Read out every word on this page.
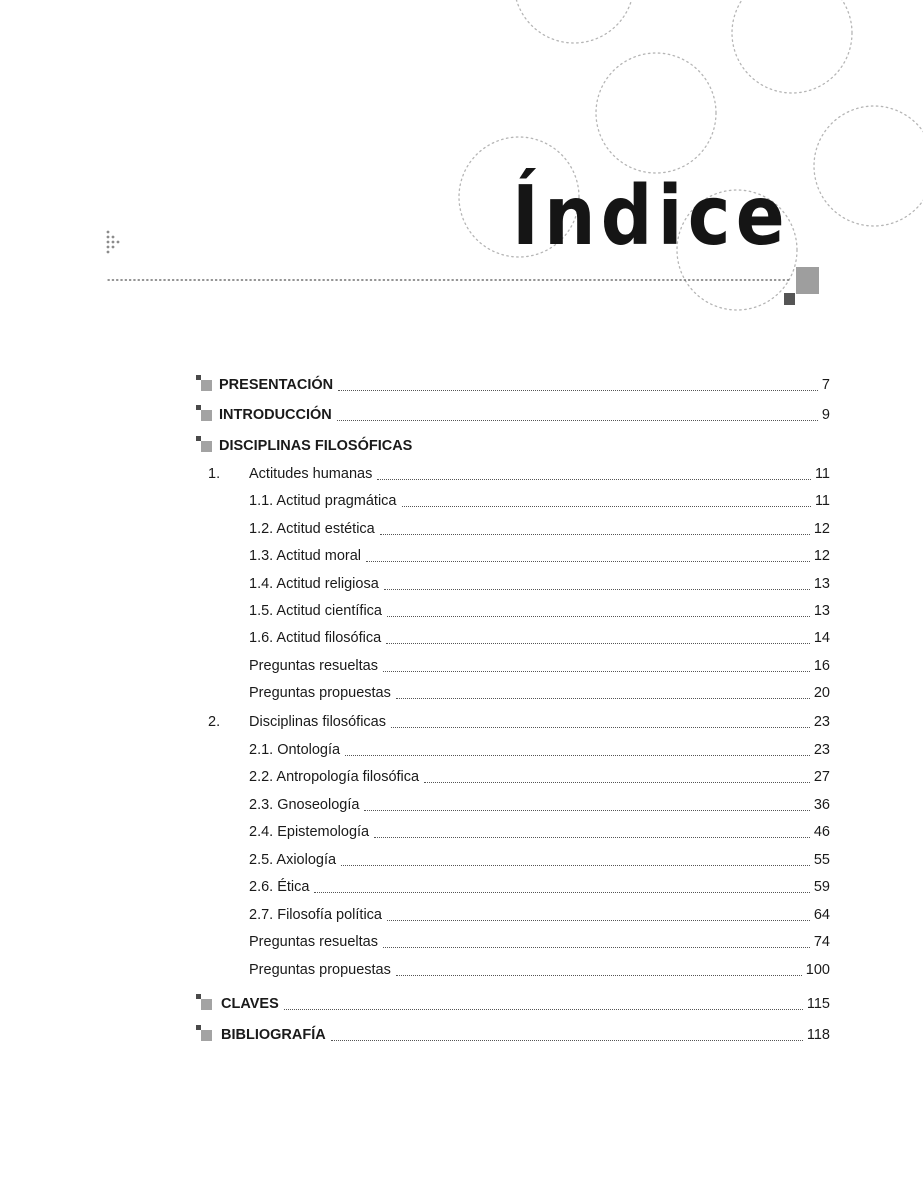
Índice
PRESENTACIÓN	7
INTRODUCCIÓN	9
DISCIPLINAS FILOSÓFICAS
1. Actitudes humanas	11
1.1. Actitud pragmática	11
1.2. Actitud estética	12
1.3. Actitud moral	12
1.4. Actitud religiosa	13
1.5. Actitud científica	13
1.6. Actitud filosófica	14
Preguntas resueltas	16
Preguntas propuestas	20
2. Disciplinas filosóficas	23
2.1. Ontología	23
2.2. Antropología filosófica	27
2.3. Gnoseología	36
2.4. Epistemología	46
2.5. Axiología	55
2.6. Ética	59
2.7. Filosofía política	64
Preguntas resueltas	74
Preguntas propuestas	100
CLAVES	115
BIBLIOGRAFÍA	118
